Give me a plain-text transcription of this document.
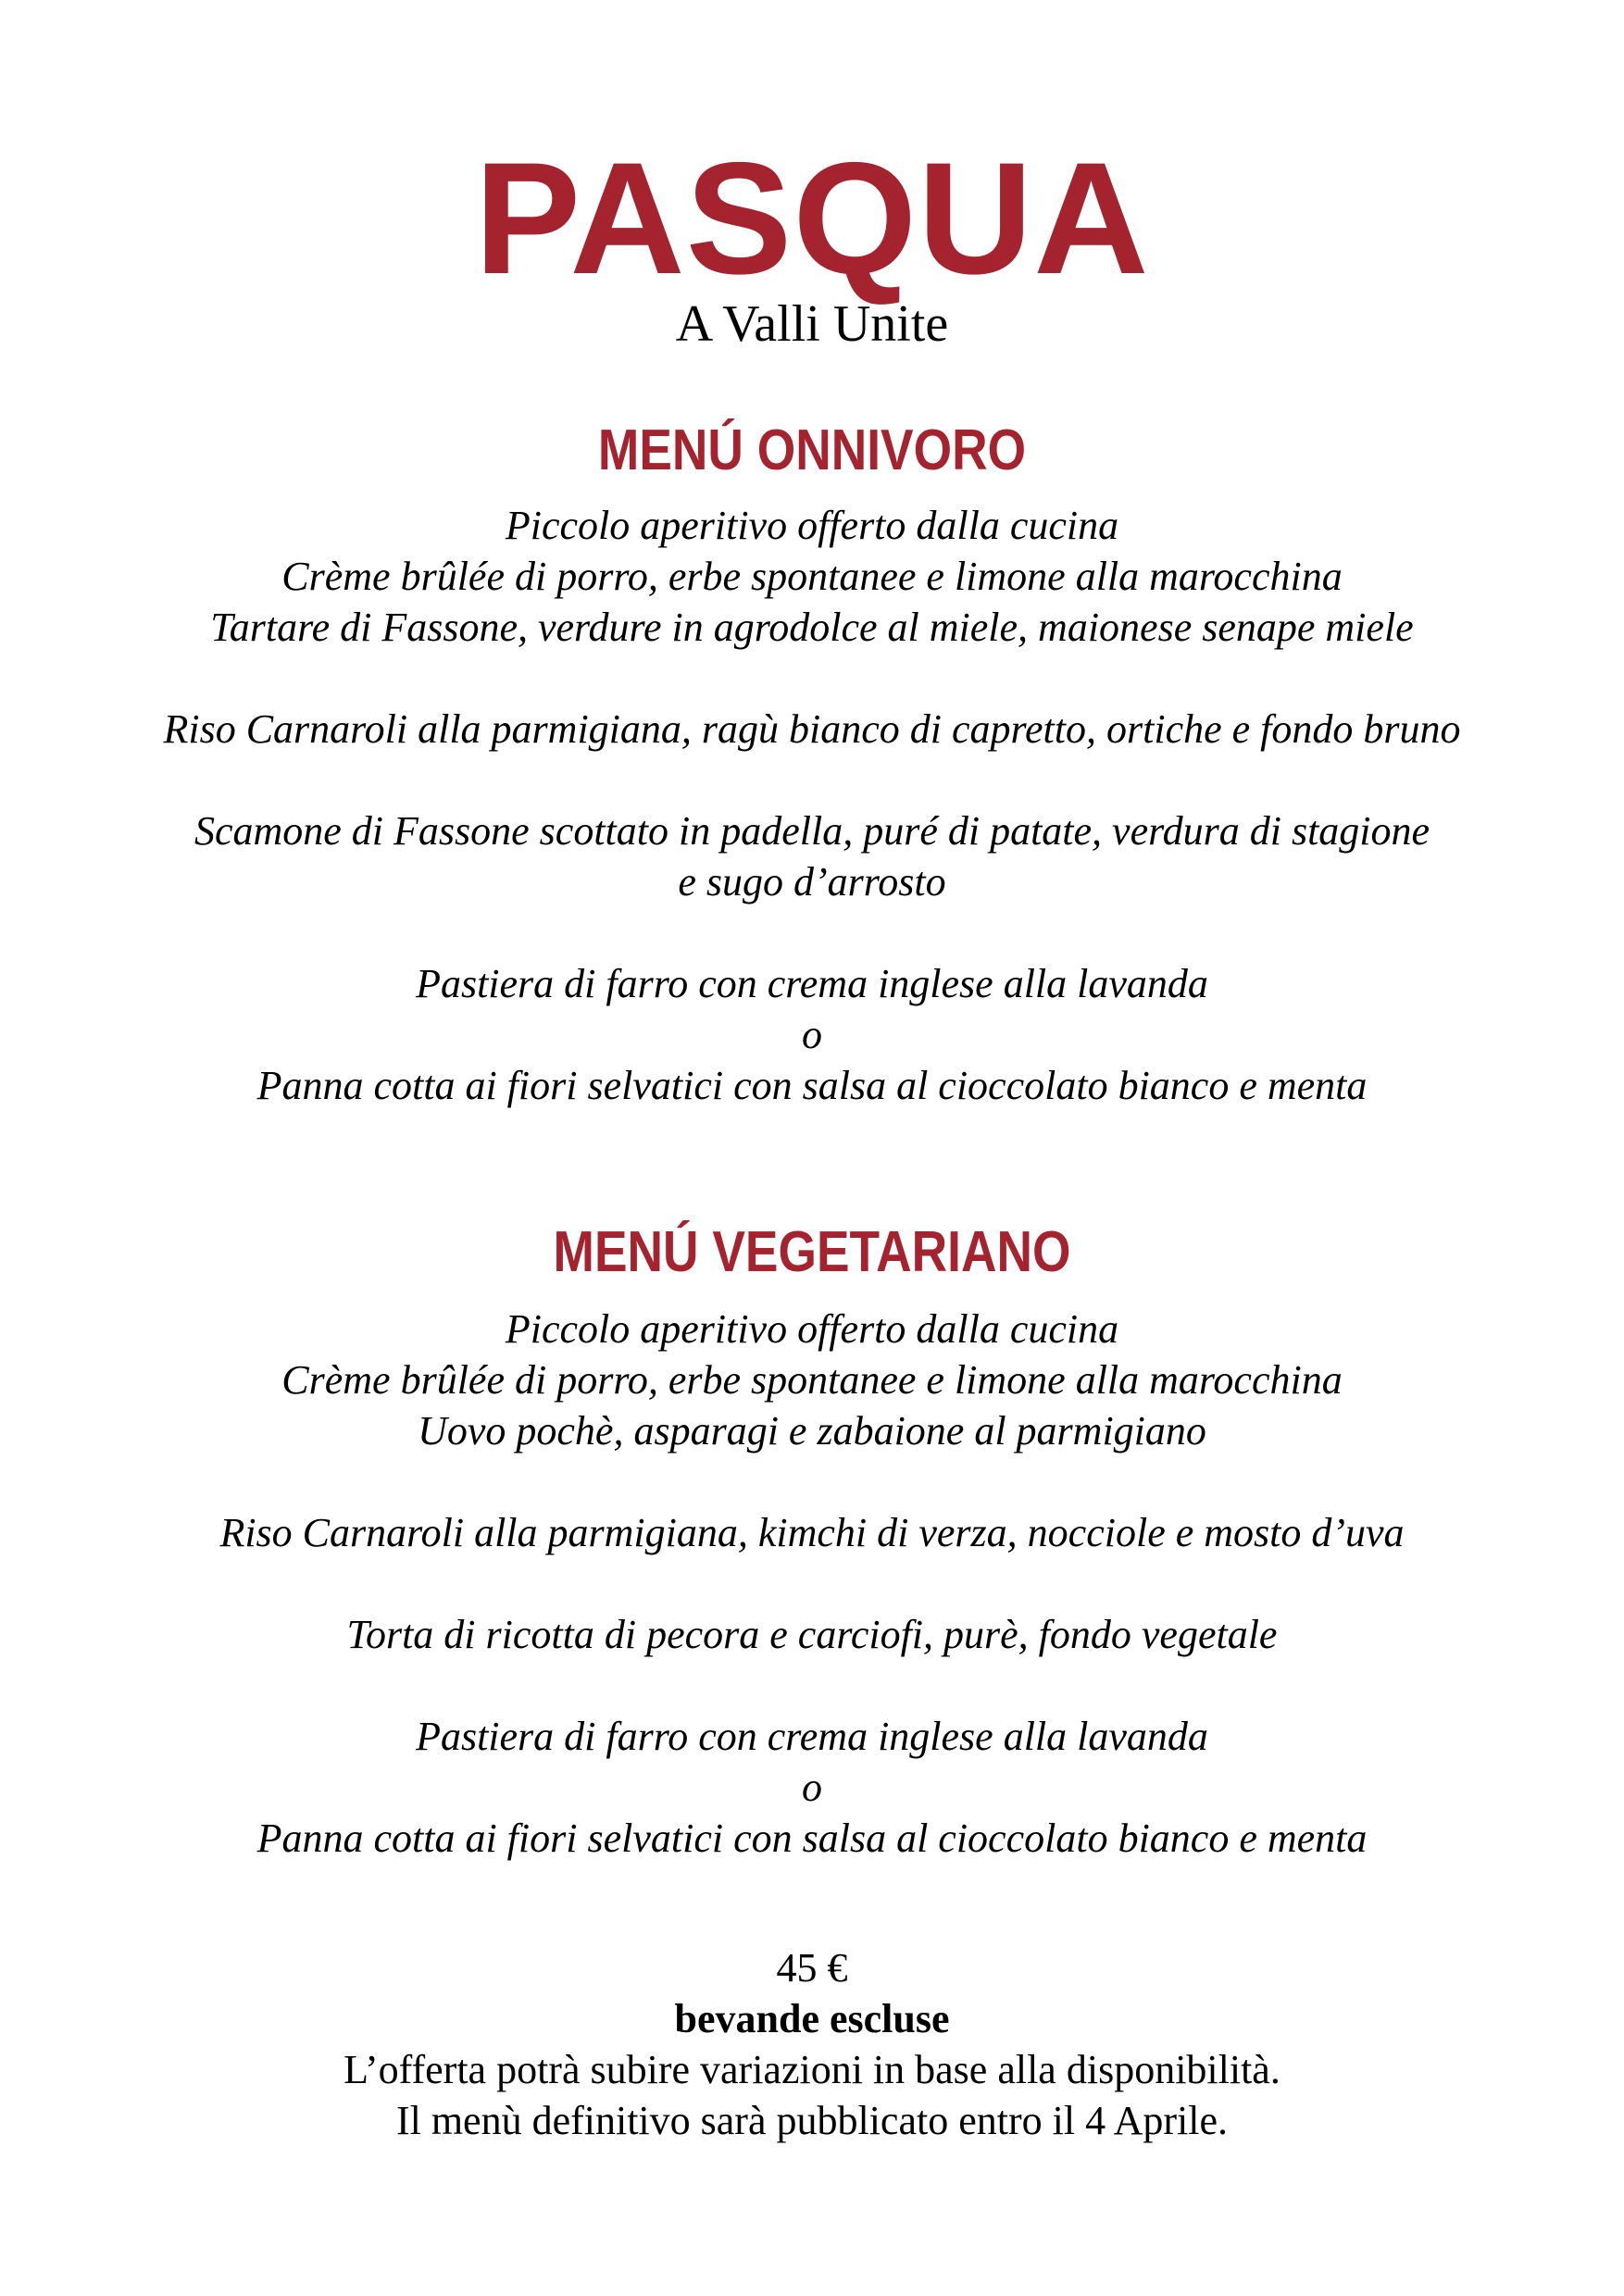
PASQUA
A Valli Unite
MENÚ ONNIVORO
Piccolo aperitivo offerto dalla cucina
Crème brûlée di porro, erbe spontanee e limone alla marocchina
Tartare di Fassone, verdure in agrodolce al miele, maionese senape miele
Riso Carnaroli alla parmigiana, ragù bianco di capretto, ortiche e fondo bruno
Scamone di Fassone scottato in padella, puré di patate, verdura di stagione
e sugo d’arrosto
Pastiera di farro con crema inglese alla lavanda
o
Panna cotta ai fiori selvatici con salsa al cioccolato bianco e menta
MENÚ VEGETARIANO
Piccolo aperitivo offerto dalla cucina
Crème brûlée di porro, erbe spontanee e limone alla marocchina
Uovo pochè, asparagi e zabaione al parmigiano
Riso Carnaroli alla parmigiana, kimchi di verza, nocciole e mosto d’uva
Torta di ricotta di pecora e carciofi, purè, fondo vegetale
Pastiera di farro con crema inglese alla lavanda
o
Panna cotta ai fiori selvatici con salsa al cioccolato bianco e menta
45 €
bevande escluse
L’offerta potrà subire variazioni in base alla disponibilità.
Il menù definitivo sarà pubblicato entro il 4 Aprile.
